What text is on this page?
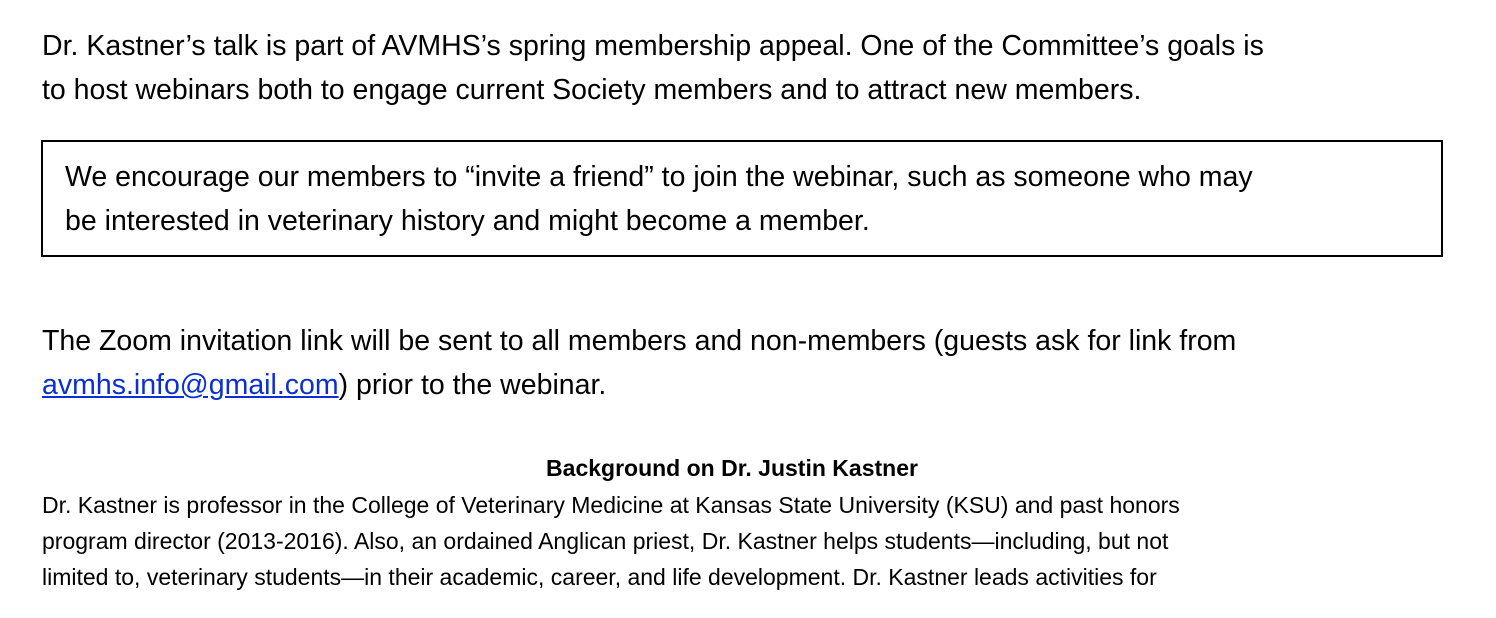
Dr. Kastner’s talk is part of AVMHS’s spring membership appeal. One of the Committee’s goals is
to host webinars both to engage current Society members and to attract new members.

We encourage our members to “invite a friend” to join the webinar, such as someone who may
be interested in veterinary history and might become a member.

The Zoom invitation link will be sent to all members and non-members (guests ask for link from
avmhs.info@gmail.com) prior to the webinar.

Background on Dr. Justin Kastner

Dr. Kastner is professor in the College of Veterinary Medicine at Kansas State University (KSU) and past honors
program director (2013-2016). Also, an ordained Anglican priest, Dr. Kastner helps students—including, but not
limited to, veterinary students—in their academic, career, and life development. Dr. Kastner leads activities for
